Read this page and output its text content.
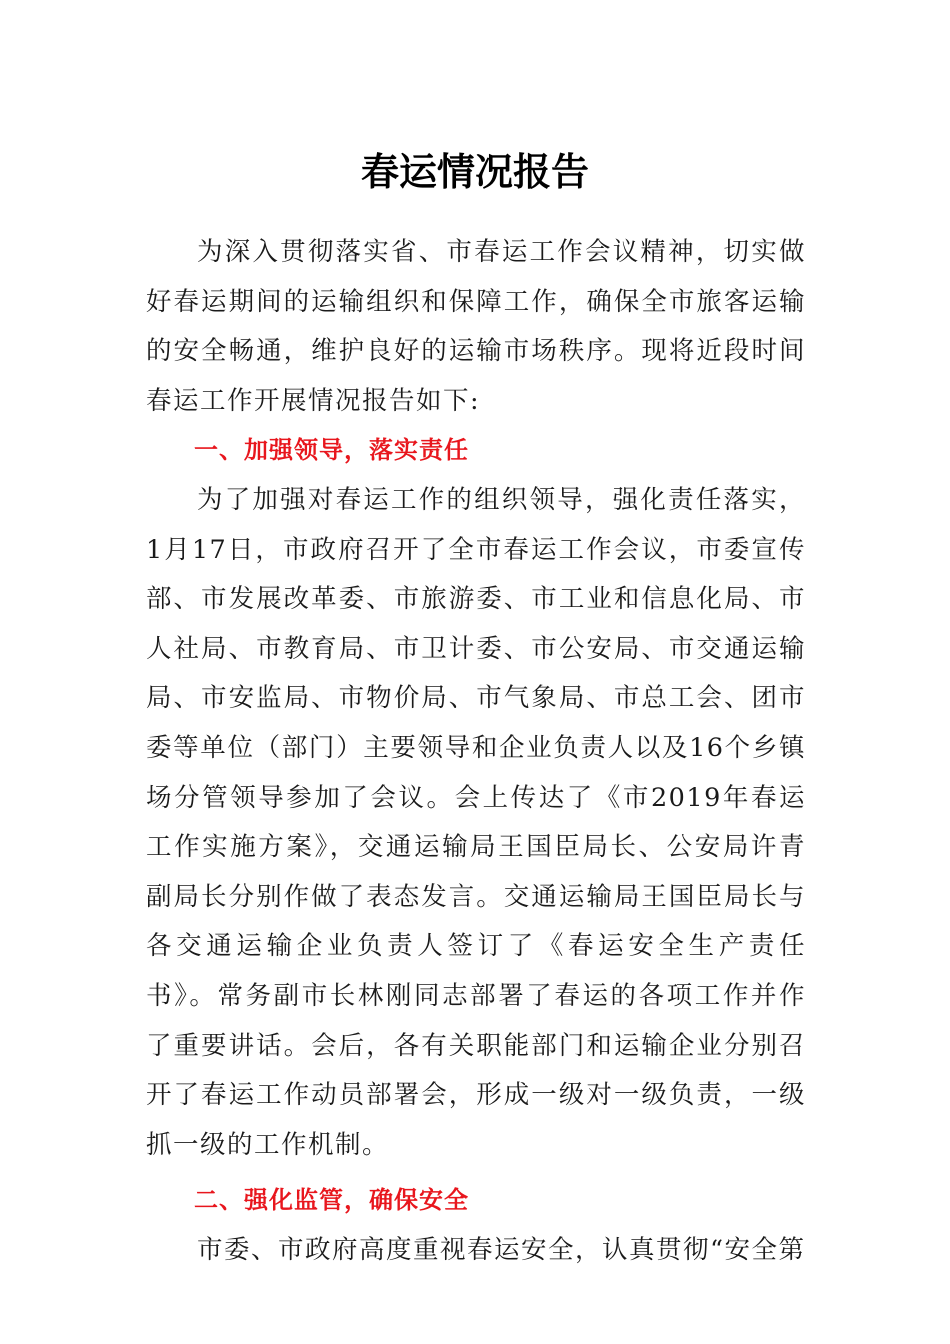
春运情况报告

为深入贯彻落实省、市春运工作会议精神，切实做好春运期间的运输组织和保障工作，确保全市旅客运输的安全畅通，维护良好的运输市场秩序。现将近段时间春运工作开展情况报告如下:

一、加强领导，落实责任

为了加强对春运工作的组织领导，强化责任落实，1月17日，市政府召开了全市春运工作会议，市委宣传部、市发展改革委、市旅游委、市工业和信息化局、市人社局、市教育局、市卫计委、市公安局、市交通运输局、市安监局、市物价局、市气象局、市总工会、团市委等单位（部门）主要领导和企业负责人以及16个乡镇场分管领导参加了会议。会上传达了《市2019年春运工作实施方案》，交通运输局王国臣局长、公安局许青副局长分别作做了表态发言。交通运输局王国臣局长与各交通运输企业负责人签订了《春运安全生产责任书》。常务副市长林刚同志部署了春运的各项工作并作了重要讲话。会后，各有关职能部门和运输企业分别召开了春运工作动员部署会，形成一级对一级负责，一级抓一级的工作机制。

二、强化监管，确保安全

市委、市政府高度重视春运安全，认真贯彻“安全第
